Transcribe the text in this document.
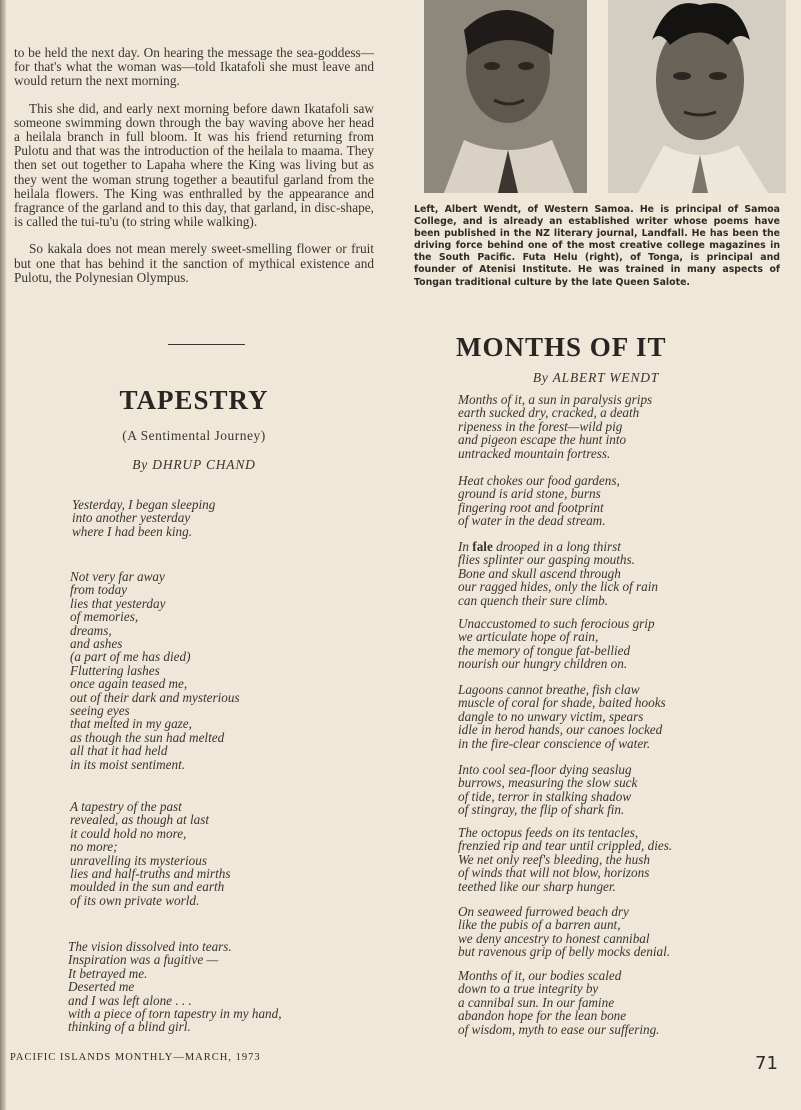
to be held the next day. On hearing the message the sea-goddess—for that's what the woman was—told Ikatafoli she must leave and would return the next morning.

This she did, and early next morning before dawn Ikatafoli saw someone swimming down through the bay waving above her head a heilala branch in full bloom. It was his friend returning from Pulotu and that was the introduction of the heilala to maama. They then set out together to Lapaha where the King was living but as they went the woman strung together a beautiful garland from the heilala flowers. The King was enthralled by the appearance and fragrance of the garland and to this day, that garland, in disc-shape, is called the tui-tu'u (to string while walking).

So kakala does not mean merely sweet-smelling flower or fruit but one that has behind it the sanction of mythical existence and Pulotu, the Polynesian Olympus.

Left, Albert Wendt, of Western Samoa. He is principal of Samoa College, and is already an established writer whose poems have been published in the NZ literary journal, Landfall. He has been the driving force behind one of the most creative college magazines in the South Pacific. Futa Helu (right), of Tonga, is principal and founder of Atenisi Institute. He was trained in many aspects of Tongan traditional culture by the late Queen Salote.

TAPESTRY
(A Sentimental Journey)
By DHRUP CHAND
Yesterday, I began sleeping
into another yesterday
where I had been king.
Not very far away
from today
lies that yesterday
of memories,
dreams,
and ashes
(a part of me has died)
Fluttering lashes
once again teased me,
out of their dark and mysterious
seeing eyes
that melted in my gaze,
as though the sun had melted
all that it had held
in its moist sentiment.
A tapestry of the past
revealed, as though at last
it could hold no more,
no more;
unravelling its mysterious
lies and half-truths and mirths
moulded in the sun and earth
of its own private world.
The vision dissolved into tears.
Inspiration was a fugitive —
It betrayed me.
Deserted me
and I was left alone . . .
with a piece of torn tapestry in my hand,
thinking of a blind girl.
MONTHS OF IT
By ALBERT WENDT
Months of it, a sun in paralysis grips
earth sucked dry, cracked, a death
ripeness in the forest—wild pig
and pigeon escape the hunt into
untracked mountain fortress.
Heat chokes our food gardens,
ground is arid stone, burns
fingering root and footprint
of water in the dead stream.
In fale drooped in a long thirst
flies splinter our gasping mouths.
Bone and skull ascend through
our ragged hides, only the lick of rain
can quench their sure climb.
Unaccustomed to such ferocious grip
we articulate hope of rain,
the memory of tongue fat-bellied
nourish our hungry children on.
Lagoons cannot breathe, fish claw
muscle of coral for shade, baited hooks
dangle to no unwary victim, spears
idle in herod hands, our canoes locked
in the fire-clear conscience of water.
Into cool sea-floor dying seaslug
burrows, measuring the slow suck
of tide, terror in stalking shadow
of stingray, the flip of shark fin.
The octopus feeds on its tentacles,
frenzied rip and tear until crippled, dies.
We net only reef's bleeding, the hush
of winds that will not blow, horizons
teethed like our sharp hunger.
On seaweed furrowed beach dry
like the pubis of a barren aunt,
we deny ancestry to honest cannibal
but ravenous grip of belly mocks denial.
Months of it, our bodies scaled
down to a true integrity by
a cannibal sun. In our famine
abandon hope for the lean bone
of wisdom, myth to ease our suffering.
PACIFIC ISLANDS MONTHLY—MARCH, 1973	71
